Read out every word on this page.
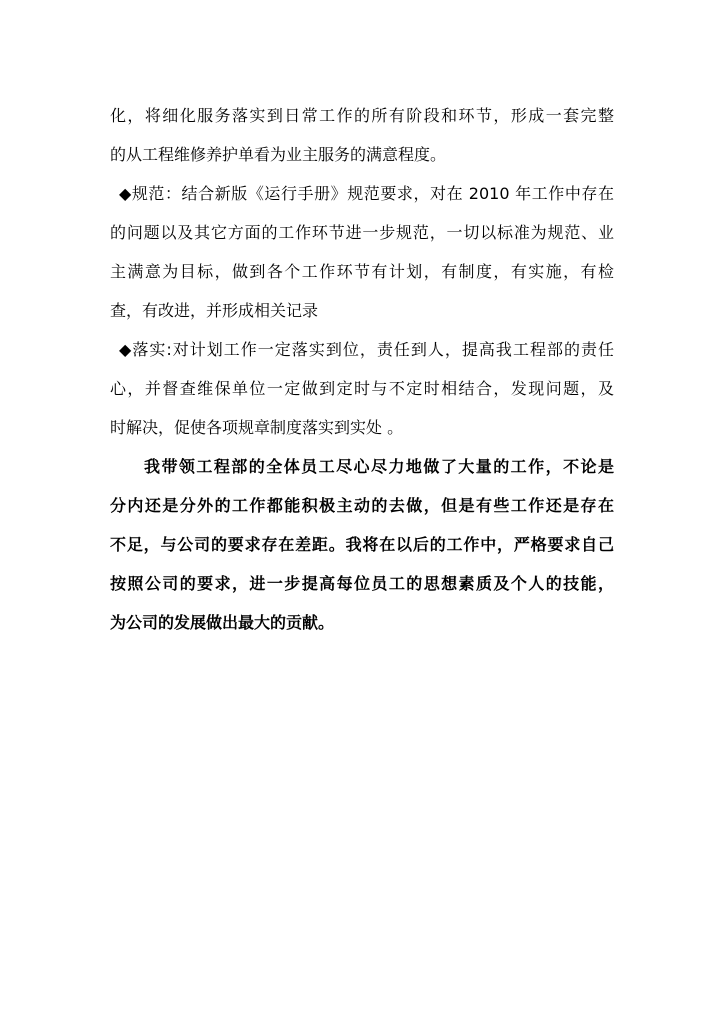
化，将细化服务落实到日常工作的所有阶段和环节，形成一套完整
的从工程维修养护单看为业主服务的满意程度。
◆规范：结合新版《运行手册》规范要求，对在 2010 年工作中存在
的问题以及其它方面的工作环节进一步规范，一切以标准为规范、业
主满意为目标，做到各个工作环节有计划，有制度，有实施，有检
查，有改进，并形成相关记录
◆落实:对计划工作一定落实到位，责任到人，提高我工程部的责任
心，并督查维保单位一定做到定时与不定时相结合，发现问题，及
时解决，促使各项规章制度落实到实处 。
我带领工程部的全体员工尽心尽力地做了大量的工作，不论是
分内还是分外的工作都能积极主动的去做，但是有些工作还是存在
不足，与公司的要求存在差距。我将在以后的工作中，严格要求自己
按照公司的要求，进一步提高每位员工的思想素质及个人的技能，
为公司的发展做出最大的贡献。
